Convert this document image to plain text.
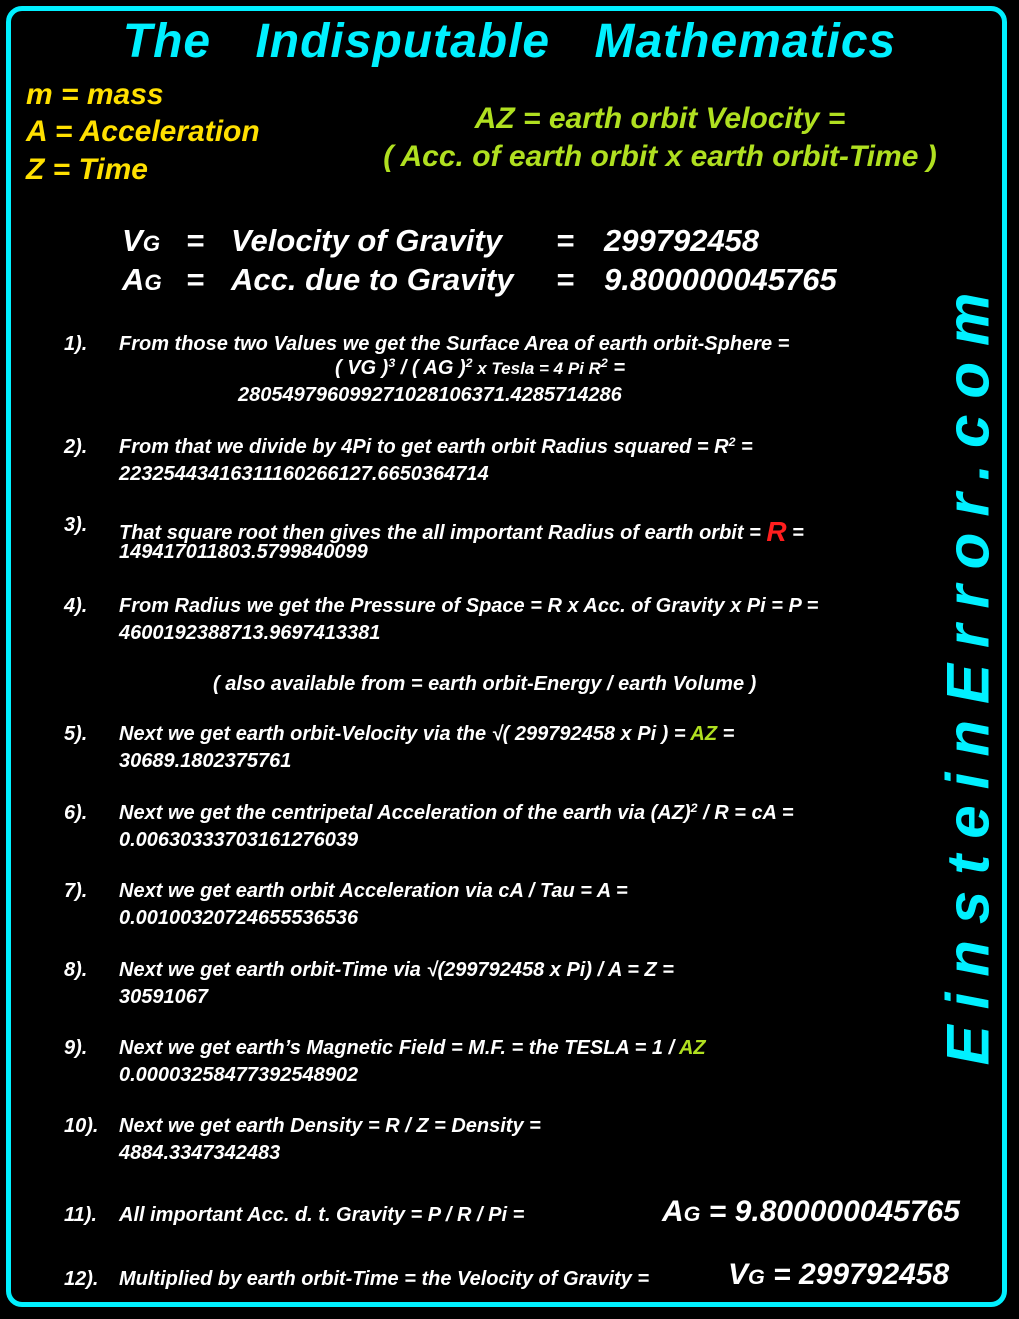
The Indisputable Mathematics
m = mass
A = Acceleration
Z = Time
AZ = earth orbit Velocity =
( Acc. of earth orbit x earth orbit-Time )
VG = Velocity of Gravity = 299792458
AG = Acc. due to Gravity = 9.800000045765 EinsteinError.com
1). From those two Values we get the Surface Area of earth orbit-Sphere =
( VG )$^3$ / ( AG )$^2$ x Tesla = 4 Pi $R^2$ =
2805497960992710281063​71.4285714286
2). From that we divide by 4Pi to get earth orbit Radius squared = $R^2$ =
22325443416311160266127.6650364714
3). That square root then gives the all important Radius of earth orbit = R =
149417011803.5799840099
4). From Radius we get the Pressure of Space = R x Acc. of Gravity x Pi = P =
4600192388713.9697413381
( also available from = earth orbit-Energy / earth Volume )
5). Next we get earth orbit-Velocity via the √( 299792458 x Pi ) = AZ =
30689.1802375761
6). Next we get the centripetal Acceleration of the earth via (AZ)$^2$ / R = cA =
0.0063033370316127​6039
7). Next we get earth orbit Acceleration via cA / Tau = A =
0.0010032072465553​6536
8). Next we get earth orbit-Time via √(299792458 x Pi) / A = Z =
30591067
9). Next we get earth’s Magnetic Field = M.F. = the TESLA = 1 / AZ
0.0000325847739254​8902
10). Next we get earth Density = R / Z = Density =
4884.3347342483
11). All important Acc. d. t. Gravity = P / R / Pi =	AG = 9.800000045765
12). Multiplied by earth orbit-Time = the Velocity of Gravity =	VG = 299792458
